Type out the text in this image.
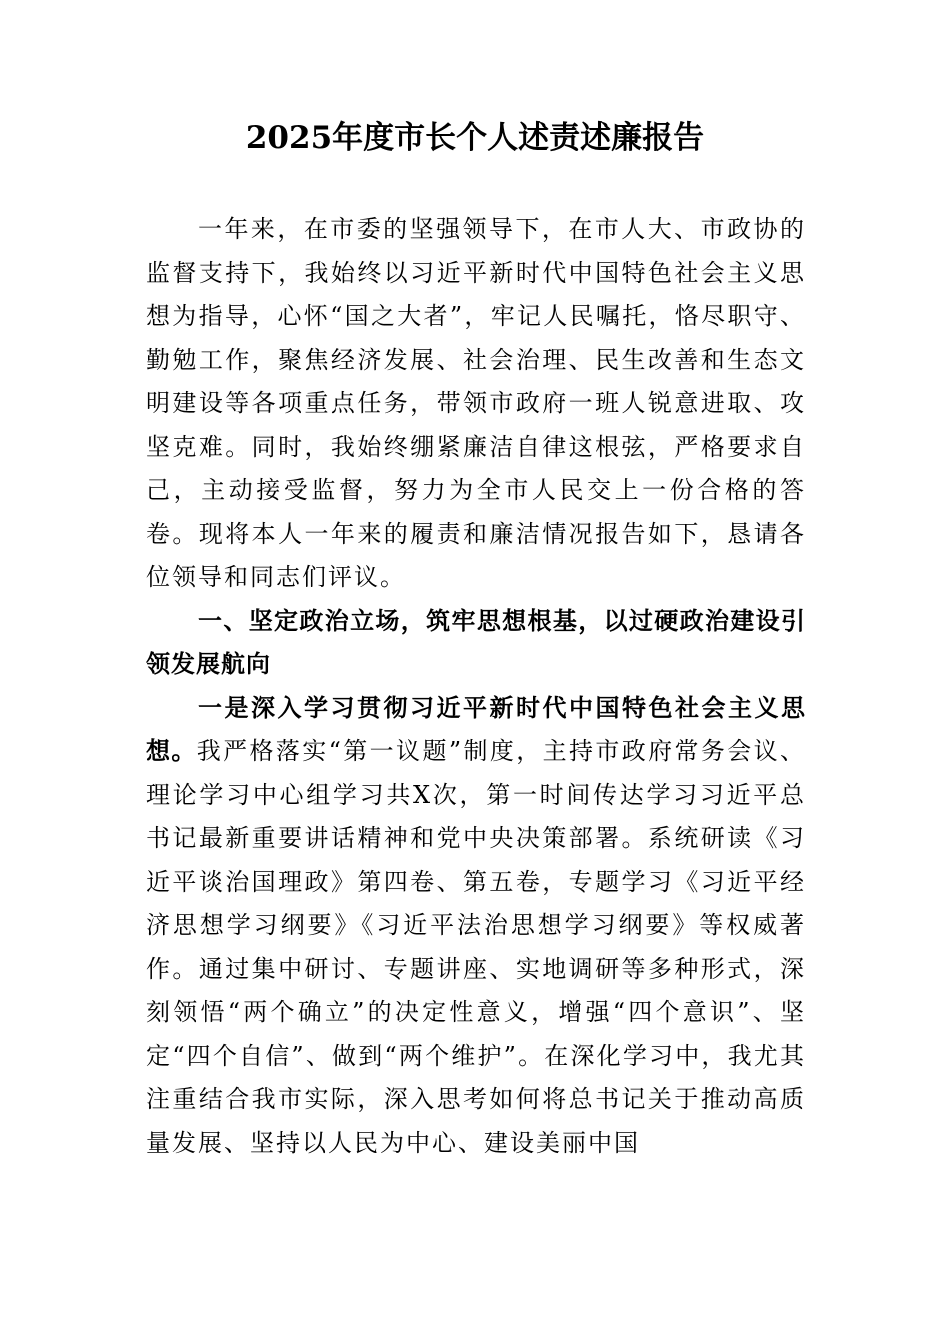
2025年度市长个人述责述廉报告

一年来，在市委的坚强领导下，在市人大、市政协的监督支持下，我始终以习近平新时代中国特色社会主义思想为指导，心怀“国之大者”，牢记人民嘱托，恪尽职守、勤勉工作，聚焦经济发展、社会治理、民生改善和生态文明建设等各项重点任务，带领市政府一班人锐意进取、攻坚克难。同时，我始终绷紧廉洁自律这根弦，严格要求自己，主动接受监督，努力为全市人民交上一份合格的答卷。现将本人一年来的履责和廉洁情况报告如下，恳请各位领导和同志们评议。

一、坚定政治立场，筑牢思想根基，以过硬政治建设引领发展航向

一是深入学习贯彻习近平新时代中国特色社会主义思想。我严格落实“第一议题”制度，主持市政府常务会议、理论学习中心组学习共X次，第一时间传达学习习近平总书记最新重要讲话精神和党中央决策部署。系统研读《习近平谈治国理政》第四卷、第五卷，专题学习《习近平经济思想学习纲要》《习近平法治思想学习纲要》等权威著作。通过集中研讨、专题讲座、实地调研等多种形式，深刻领悟“两个确立”的决定性意义，增强“四个意识”、坚定“四个自信”、做到“两个维护”。在深化学习中，我尤其注重结合我市实际，深入思考如何将总书记关于推动高质量发展、坚持以人民为中心、建设美丽中国
